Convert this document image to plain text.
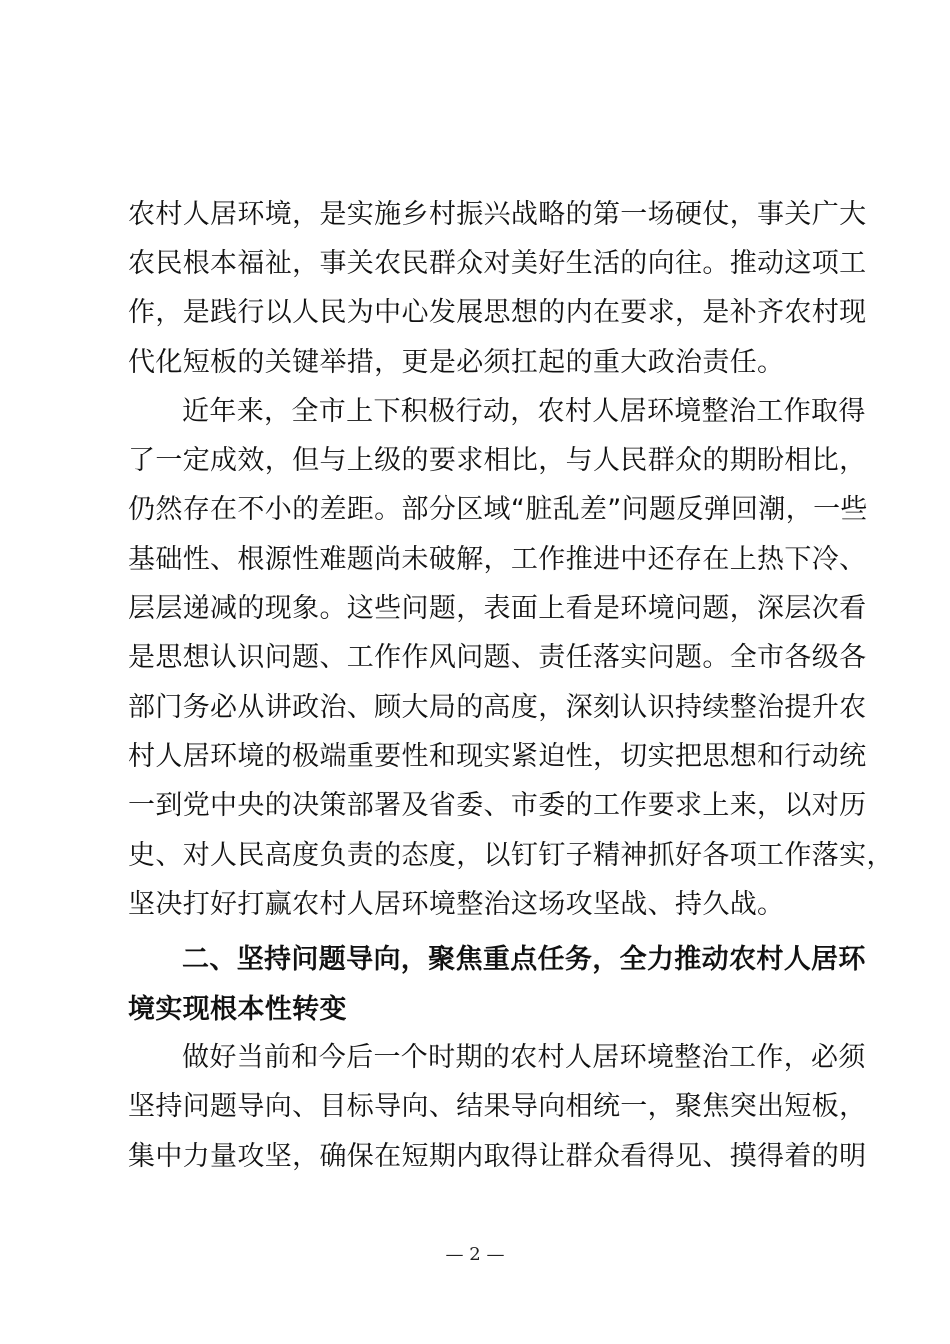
农村人居环境，是实施乡村振兴战略的第一场硬仗，事关广大
农民根本福祉，事关农民群众对美好生活的向往。推动这项工
作，是践行以人民为中心发展思想的内在要求，是补齐农村现
代化短板的关键举措，更是必须扛起的重大政治责任。
近年来，全市上下积极行动，农村人居环境整治工作取得
了一定成效，但与上级的要求相比，与人民群众的期盼相比，
仍然存在不小的差距。部分区域“脏乱差”问题反弹回潮，一些
基础性、根源性难题尚未破解，工作推进中还存在上热下冷、
层层递减的现象。这些问题，表面上看是环境问题，深层次看
是思想认识问题、工作作风问题、责任落实问题。全市各级各
部门务必从讲政治、顾大局的高度，深刻认识持续整治提升农
村人居环境的极端重要性和现实紧迫性，切实把思想和行动统
一到党中央的决策部署及省委、市委的工作要求上来，以对历
史、对人民高度负责的态度，以钉钉子精神抓好各项工作落实，
坚决打好打赢农村人居环境整治这场攻坚战、持久战。
二、坚持问题导向，聚焦重点任务，全力推动农村人居环
境实现根本性转变
做好当前和今后一个时期的农村人居环境整治工作，必须
坚持问题导向、目标导向、结果导向相统一，聚焦突出短板，
集中力量攻坚，确保在短期内取得让群众看得见、摸得着的明
— 2 —
